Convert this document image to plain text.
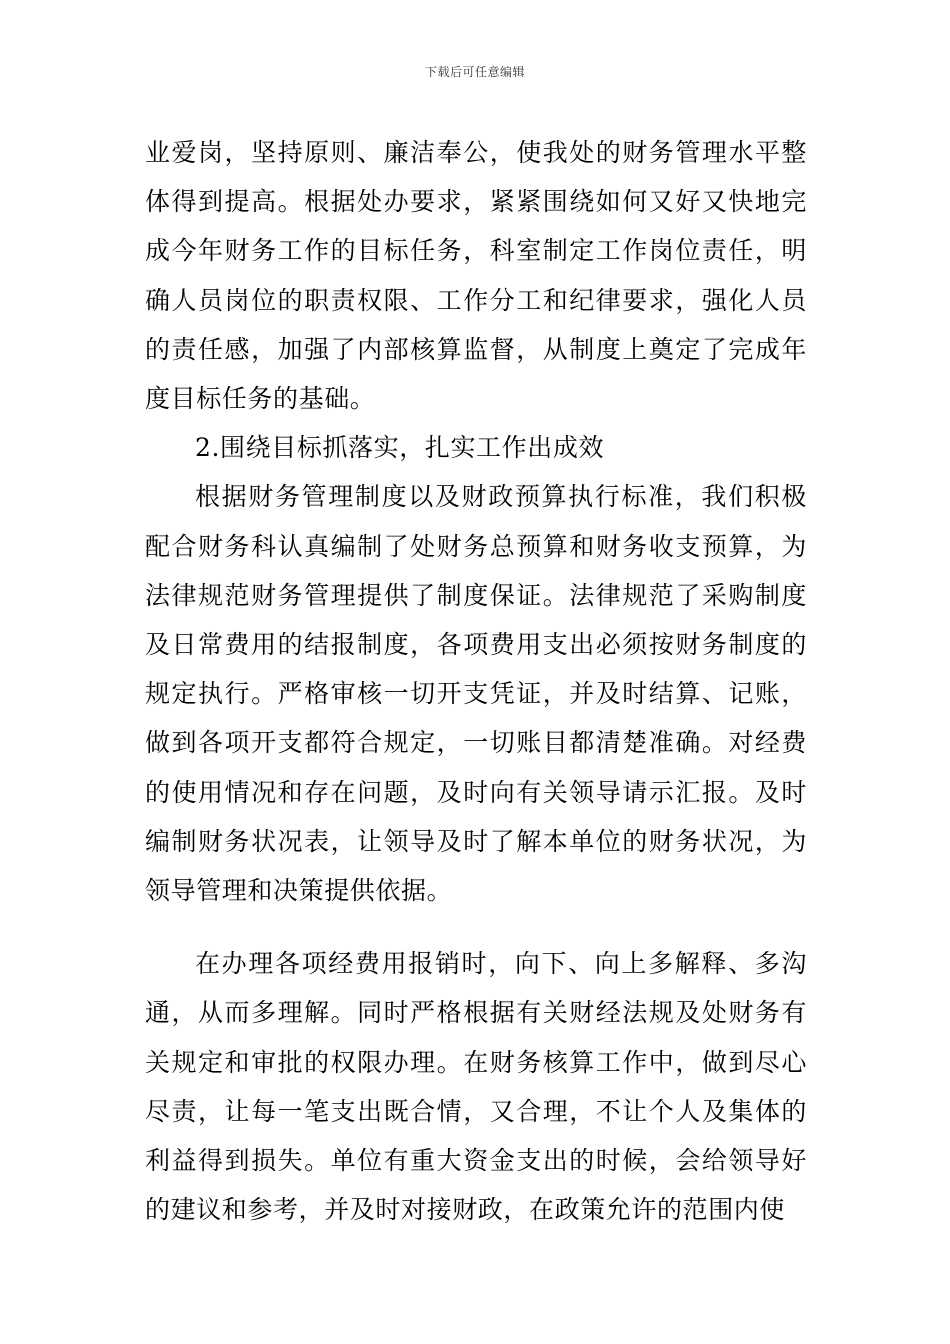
下载后可任意编辑

业爱岗，坚持原则、廉洁奉公，使我处的财务管理水平整体得到提高。根据处办要求，紧紧围绕如何又好又快地完成今年财务工作的目标任务，科室制定工作岗位责任，明确人员岗位的职责权限、工作分工和纪律要求，强化人员的责任感，加强了内部核算监督，从制度上奠定了完成年度目标任务的基础。

2.围绕目标抓落实，扎实工作出成效

根据财务管理制度以及财政预算执行标准，我们积极配合财务科认真编制了处财务总预算和财务收支预算，为法律规范财务管理提供了制度保证。法律规范了采购制度及日常费用的结报制度，各项费用支出必须按财务制度的规定执行。严格审核一切开支凭证，并及时结算、记账，做到各项开支都符合规定，一切账目都清楚准确。对经费的使用情况和存在问题，及时向有关领导请示汇报。及时编制财务状况表，让领导及时了解本单位的财务状况，为领导管理和决策提供依据。

在办理各项经费用报销时，向下、向上多解释、多沟通，从而多理解。同时严格根据有关财经法规及处财务有关规定和审批的权限办理。在财务核算工作中，做到尽心尽责，让每一笔支出既合情，又合理，不让个人及集体的利益得到损失。单位有重大资金支出的时候，会给领导好的建议和参考，并及时对接财政，在政策允许的范围内使
